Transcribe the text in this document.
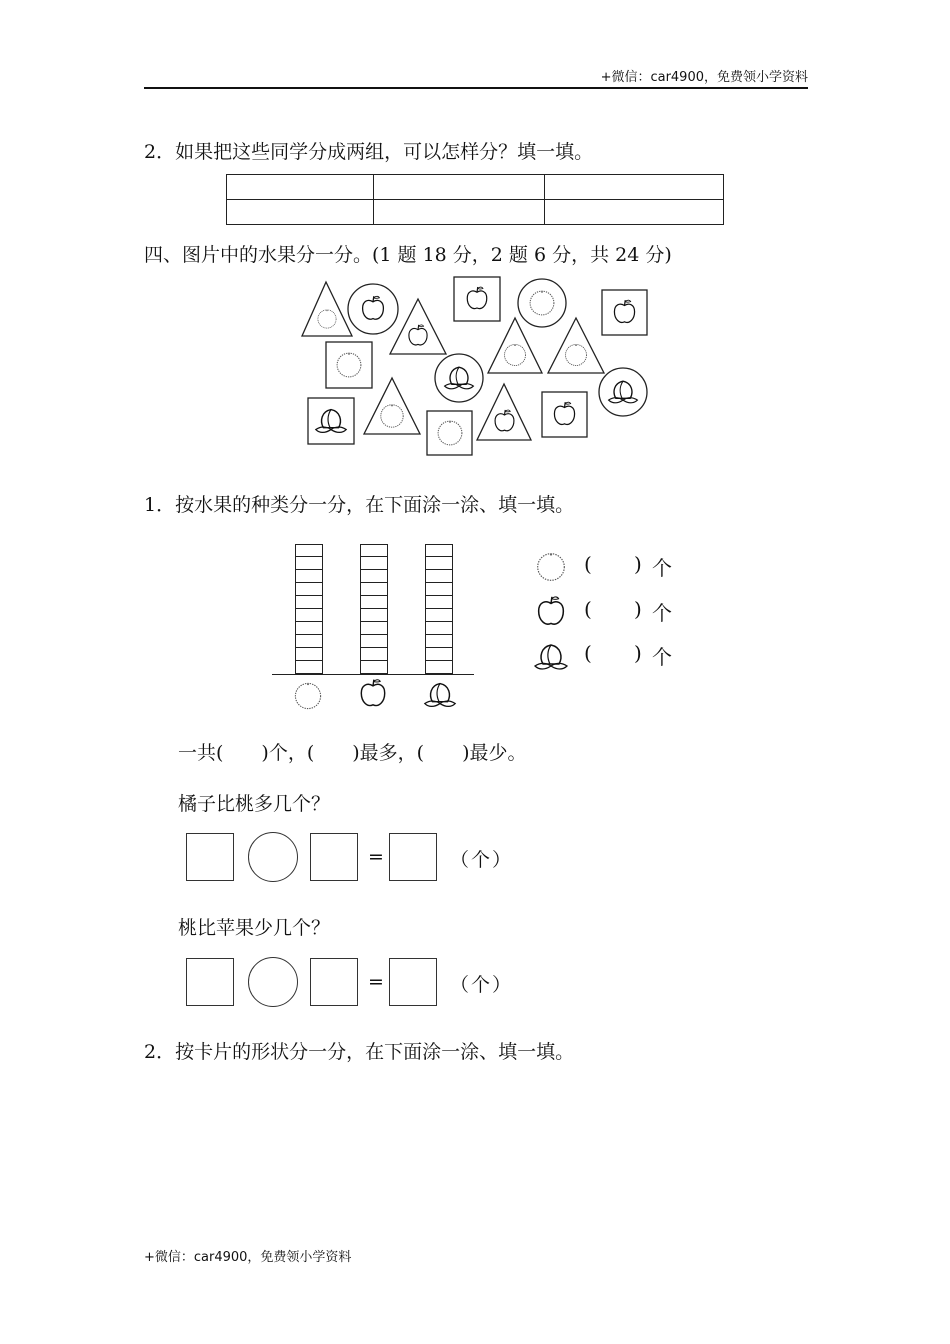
+微信：car4900，免费领小学资料
2．如果把这些同学分成两组，可以怎样分？填一填。

四、图片中的水果分一分。(1 题 18 分，2 题 6 分，共 24 分)
1．按水果的种类分一分，在下面涂一涂、填一填。
( ) 个
( ) 个
( ) 个
一共(　　)个，(　　)最多，(　　)最少。
橘子比桃多几个？
=	（个）
桃比苹果少几个？
=	（个）
2．按卡片的形状分一分，在下面涂一涂、填一填。
+微信：car4900，免费领小学资料
